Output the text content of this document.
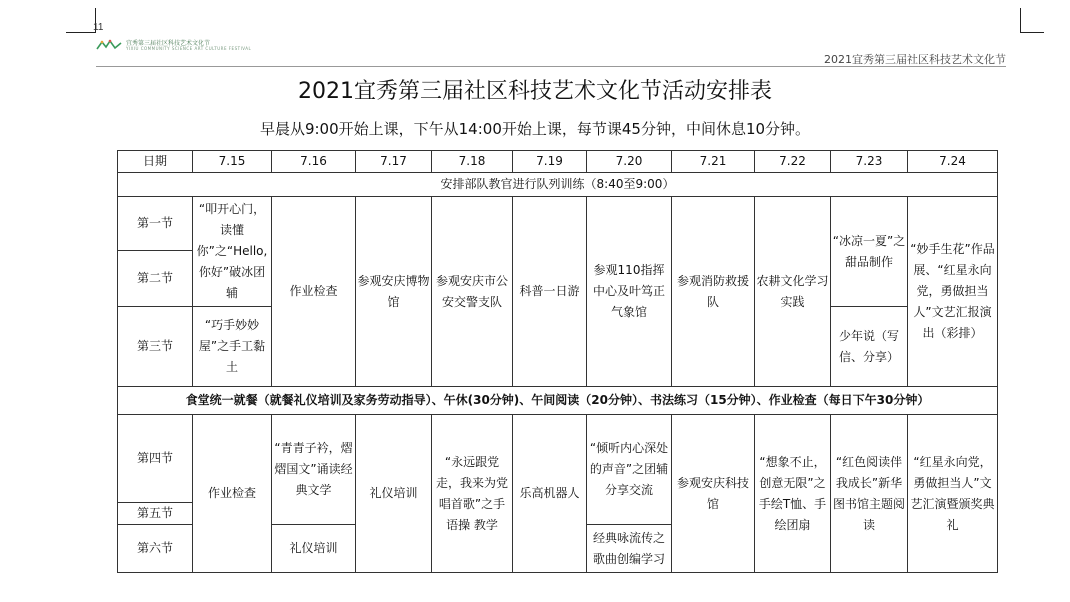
11
宜秀第三届社区科技艺术文化节
YIXIU COMMUNITY SCIENCE ART CULTURE FESTIVAL
2021宜秀第三届社区科技艺术文化节
2021宜秀第三届社区科技艺术文化节活动安排表
早晨从9:00开始上课，下午从14:00开始上课，每节课45分钟，中间休息10分钟。
日期	7.15	7.16	7.17	7.18	7.19	7.20	7.21	7.22	7.23	7.24
安排部队教官进行队列训练（8:40至9:00）										
第一节	“叩开心门，读懂你”之“Hello,你好”破冰团辅	作业检查	参观安庆博物馆	参观安庆市公安交警支队	科普一日游	参观110指挥中心及叶笃正气象馆	参观消防救援队	农耕文化学习实践	“冰凉一夏”之甜品制作	“妙手生花”作品展、“红星永向党，勇做担当人”文艺汇报演出（彩排）
第二节										
第三节	“巧手妙妙屋”之手工黏土								少年说（写信、分享）	
食堂统一就餐（就餐礼仪培训及家务劳动指导）、午休(30分钟)、午间阅读（20分钟）、书法练习（15分钟）、作业检查（每日下午30分钟）										
第四节	作业检查	“青青子衿，熠熠国文”诵读经典文学	礼仪培训	“永远跟党走，我来为党唱首歌”之手语操 教学	乐高机器人	“倾听内心深处的声音”之团辅分享交流	参观安庆科技馆	“想象不止，创意无限”之手绘T恤、手绘团扇	“红色阅读伴我成长”新华图书馆主题阅读	“红星永向党，勇做担当人”文艺汇演暨颁奖典礼
第五节										
第六节		礼仪培训				经典咏流传之歌曲创编学习				
